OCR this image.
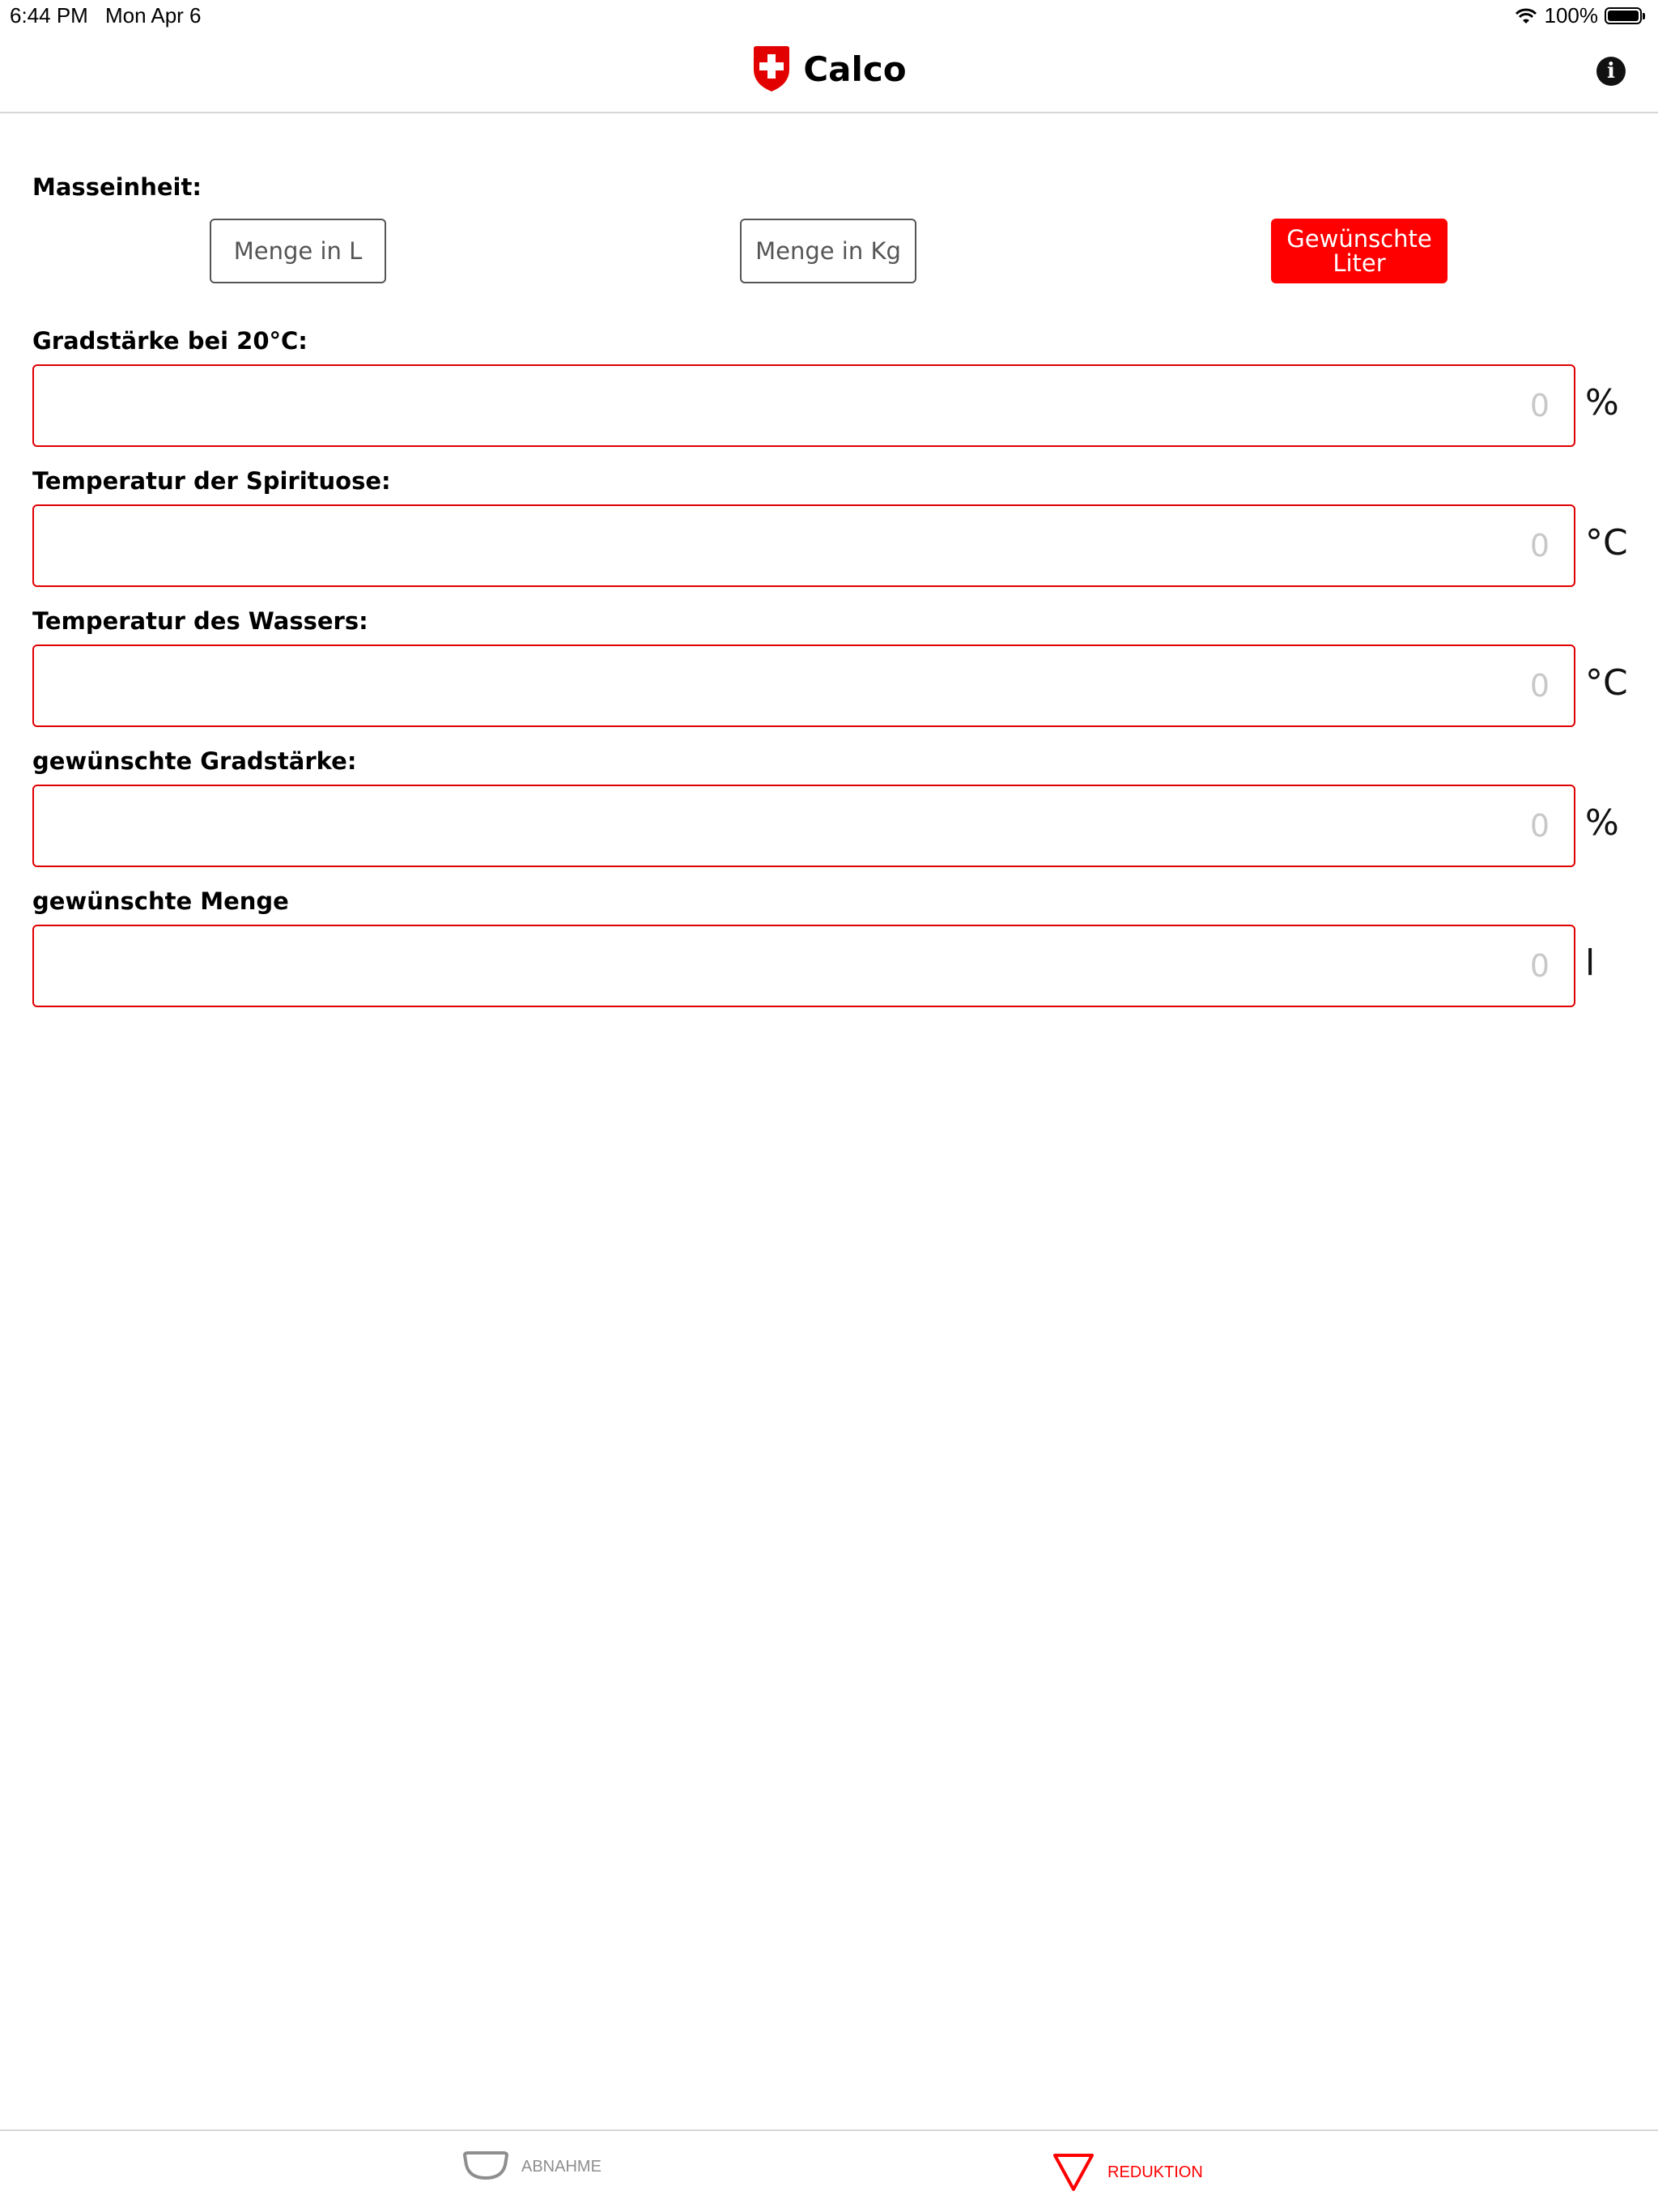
6:44 PM Mon Apr 6	100%
Calco	i
Masseinheit:
Menge in L	Menge in Kg	Gewünschte Liter
Gradstärke bei 20°C:
0 %
Temperatur der Spirituose:
0 °C
Temperatur des Wassers:
0 °C
gewünschte Gradstärke:
0 %
gewünschte Menge
0 l
ABNAHME	REDUKTION
